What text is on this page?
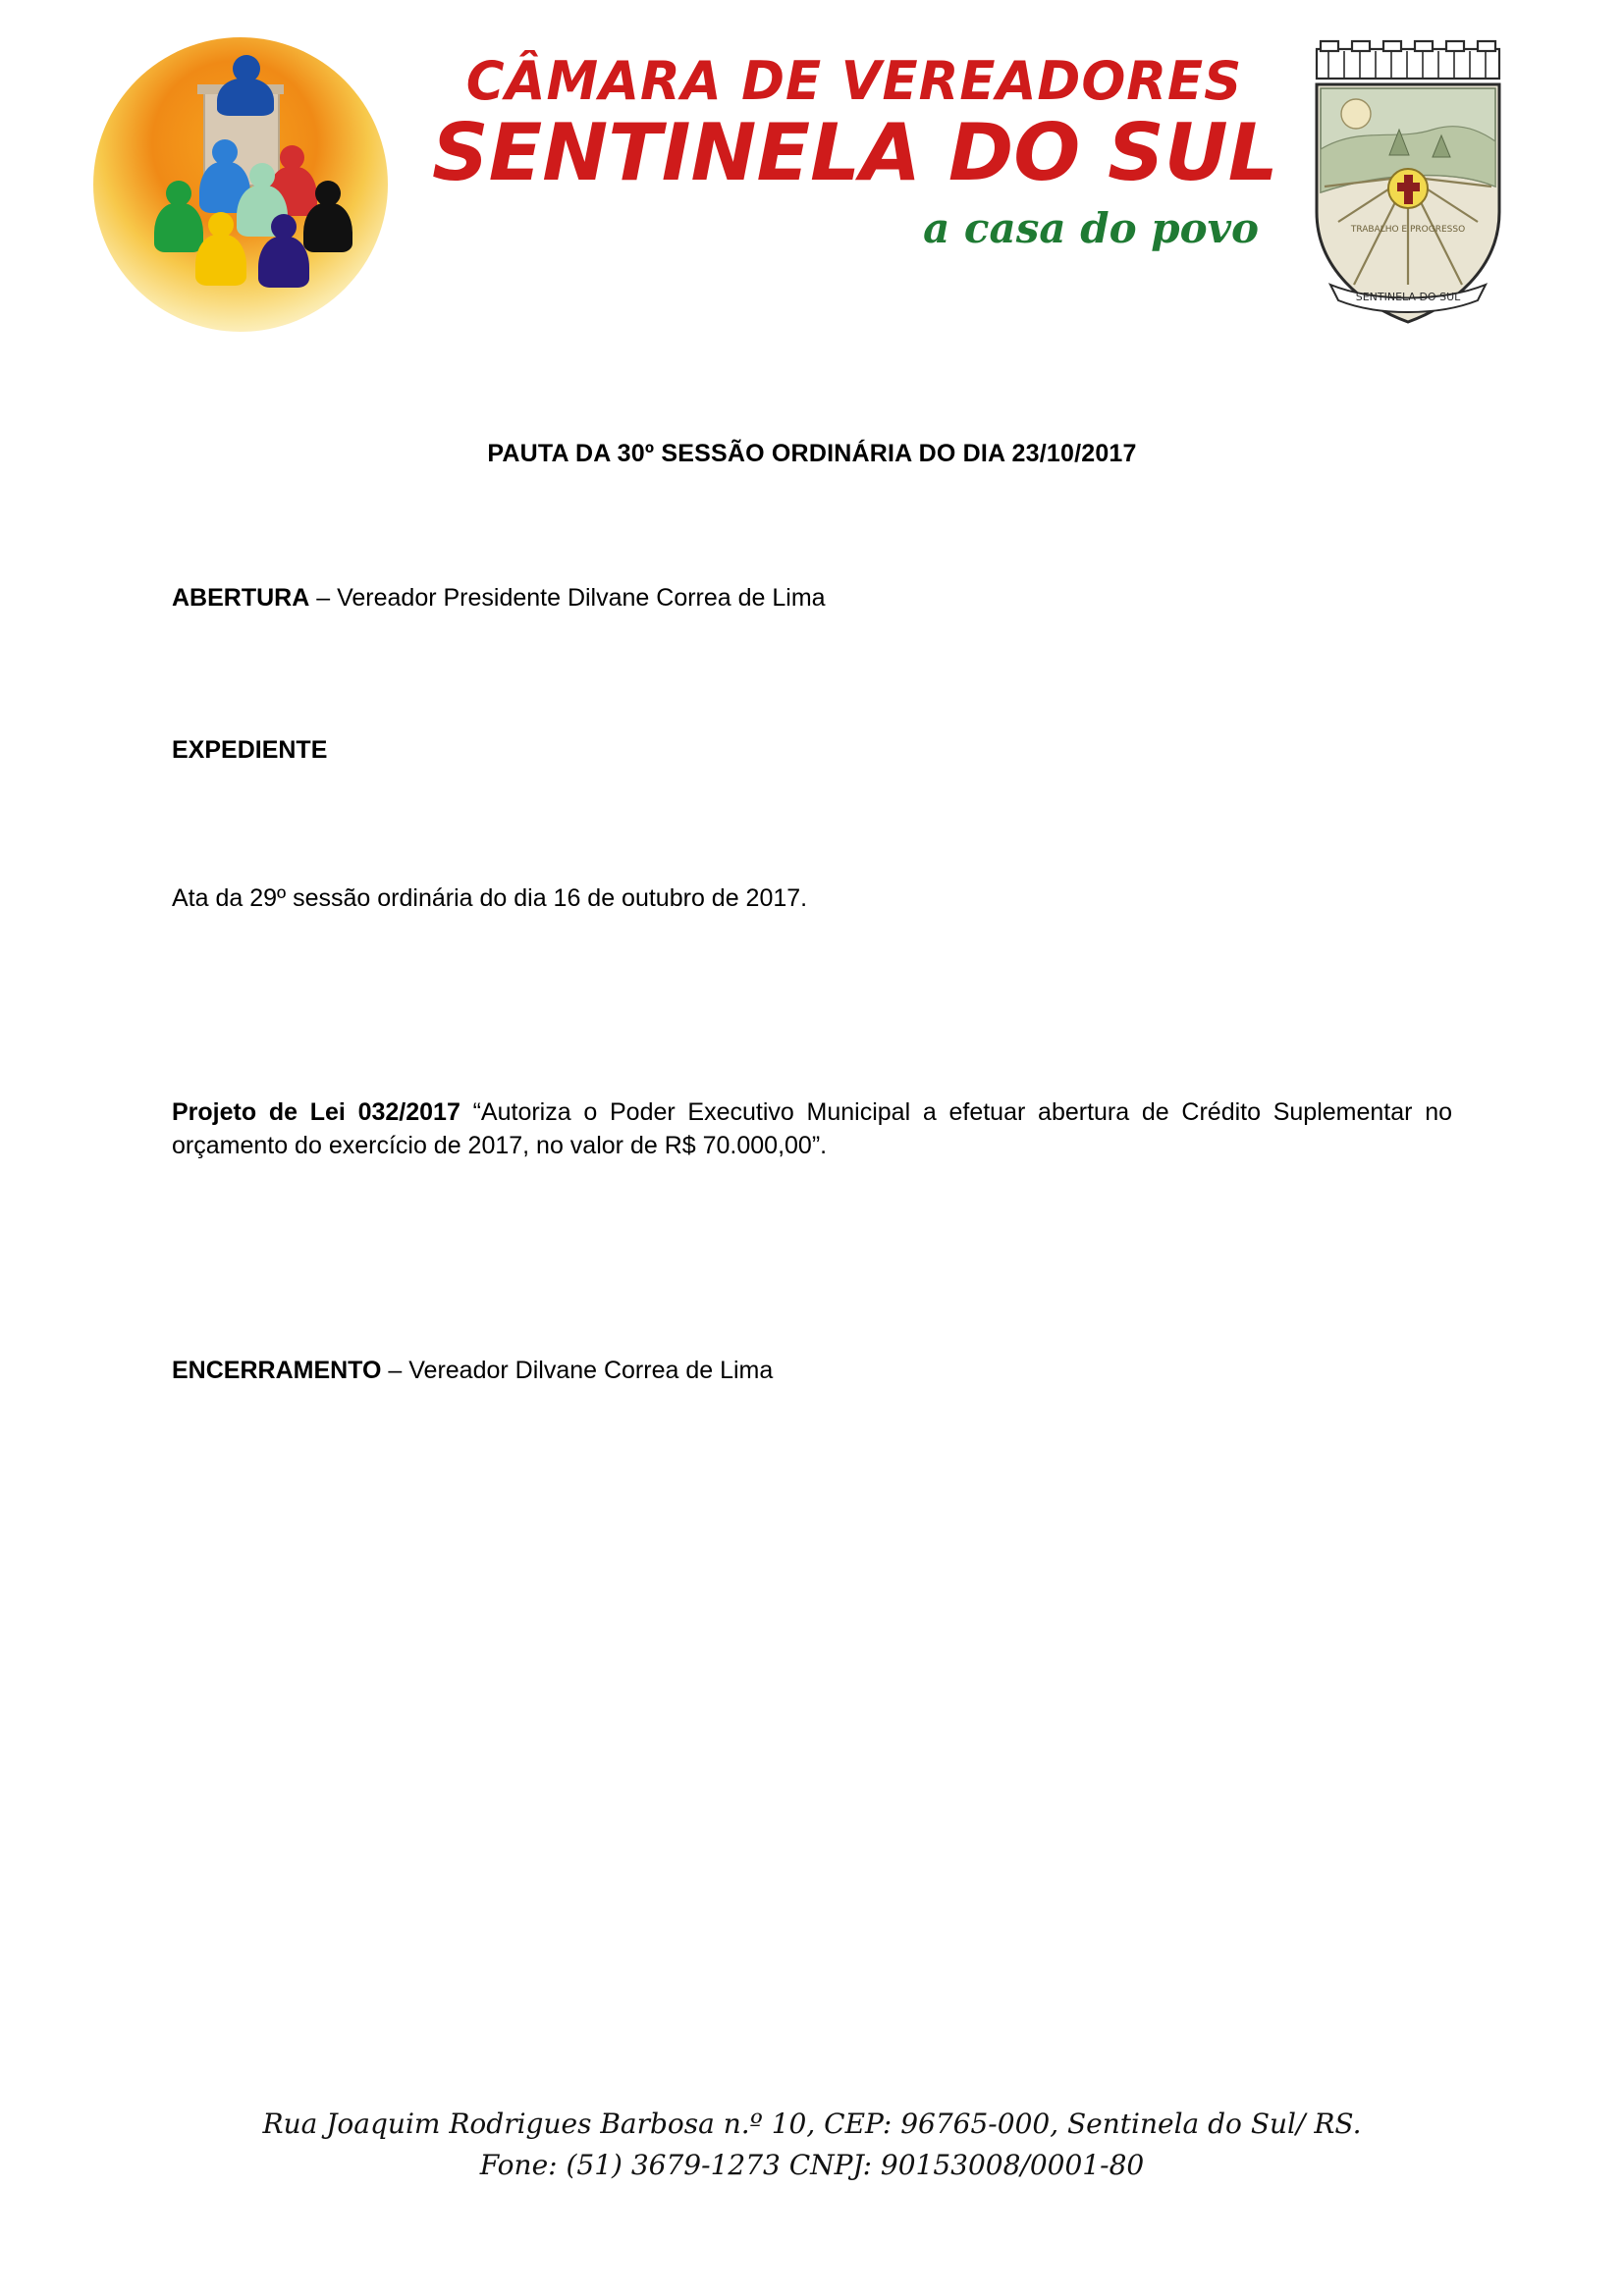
CÂMARA DE VEREADORES
SENTINELA DO SUL
a casa do povo
SENTINELA DO SUL
TRABALHO E PROGRESSO
PAUTA DA 30º SESSÃO ORDINÁRIA DO DIA 23/10/2017

ABERTURA – Vereador Presidente Dilvane Correa de Lima

EXPEDIENTE

Ata da 29º sessão ordinária do dia 16 de outubro de 2017.

Projeto de Lei 032/2017 “Autoriza o Poder Executivo Municipal a efetuar abertura de Crédito Suplementar no orçamento do exercício de 2017, no valor de R$ 70.000,00”.

ENCERRAMENTO – Vereador Dilvane Correa de Lima

Rua Joaquim Rodrigues Barbosa n.º 10, CEP: 96765-000, Sentinela do Sul/ RS.
Fone: (51) 3679-1273 CNPJ: 90153008/0001-80
